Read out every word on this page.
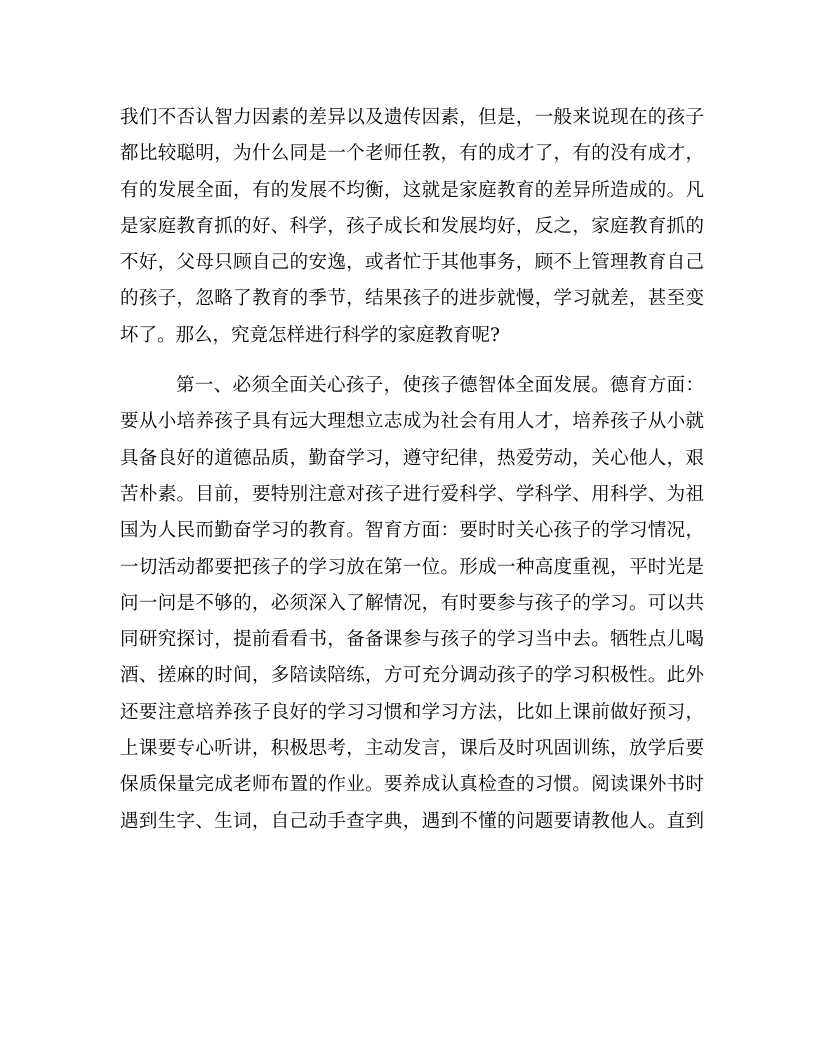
我们不否认智力因素的差异以及遗传因素，但是，一般来说现在的孩子
都比较聪明，为什么同是一个老师任教，有的成才了，有的没有成才，
有的发展全面，有的发展不均衡，这就是家庭教育的差异所造成的。凡
是家庭教育抓的好、科学，孩子成长和发展均好，反之，家庭教育抓的
不好，父母只顾自己的安逸，或者忙于其他事务，顾不上管理教育自己
的孩子，忽略了教育的季节，结果孩子的进步就慢，学习就差，甚至变
坏了。那么，究竟怎样进行科学的家庭教育呢?
第一、必须全面关心孩子，使孩子德智体全面发展。德育方面：
要从小培养孩子具有远大理想立志成为社会有用人才，培养孩子从小就
具备良好的道德品质，勤奋学习，遵守纪律，热爱劳动，关心他人，艰
苦朴素。目前，要特别注意对孩子进行爱科学、学科学、用科学、为祖
国为人民而勤奋学习的教育。智育方面：要时时关心孩子的学习情况，
一切活动都要把孩子的学习放在第一位。形成一种高度重视，平时光是
问一问是不够的，必须深入了解情况，有时要参与孩子的学习。可以共
同研究探讨，提前看看书，备备课参与孩子的学习当中去。牺牲点儿喝
酒、搓麻的时间，多陪读陪练，方可充分调动孩子的学习积极性。此外
还要注意培养孩子良好的学习习惯和学习方法，比如上课前做好预习，
上课要专心听讲，积极思考，主动发言，课后及时巩固训练，放学后要
保质保量完成老师布置的作业。要养成认真检查的习惯。阅读课外书时
遇到生字、生词，自己动手查字典，遇到不懂的问题要请教他人。直到
